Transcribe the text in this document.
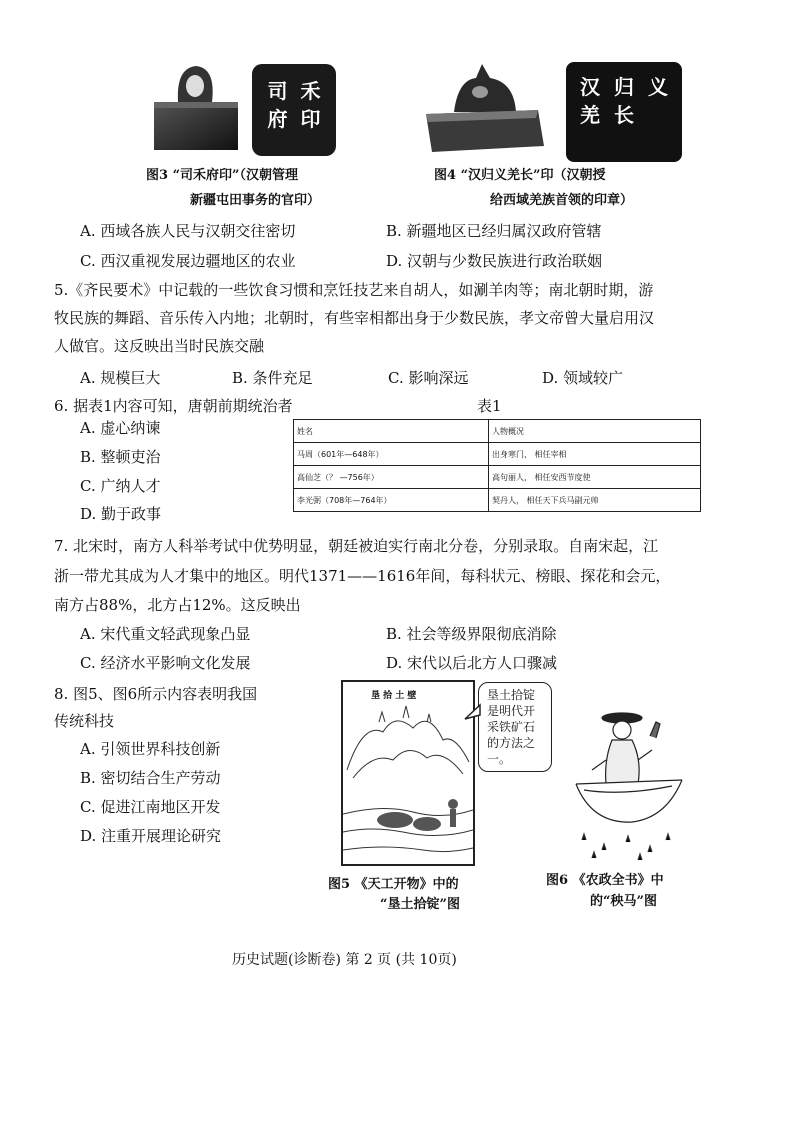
司 禾
府 印
图3 “司禾府印”（汉朝管理
新疆屯田事务的官印）
汉 归 义
羌 长
图4 “汉归义羌长”印（汉朝授
给西域羌族首领的印章）
A. 西域各族人民与汉朝交往密切	B. 新疆地区已经归属汉政府管辖
C. 西汉重视发展边疆地区的农业	D. 汉朝与少数民族进行政治联姻
5.《齐民要术》中记载的一些饮食习惯和烹饪技艺来自胡人，如涮羊肉等；南北朝时期，游
牧民族的舞蹈、音乐传入内地；北朝时，有些宰相都出身于少数民族，孝文帝曾大量启用汉
人做官。这反映出当时民族交融
A. 规模巨大	B. 条件充足	C. 影响深远	D. 领域较广
6. 据表1内容可知，唐朝前期统治者	表1
A. 虚心纳谏
B. 整顿吏治
C. 广纳人才
D. 勤于政事
姓名	人物概况
马周（601年—648年）	出身寒门， 相任宰相
高仙芝（？ —756年）	高句丽人， 相任安西节度使
李光弼（708年—764年）	契丹人， 相任天下兵马副元帅
7. 北宋时，南方人科举考试中优势明显，朝廷被迫实行南北分卷，分别录取。自南宋起，江
浙一带尤其成为人才集中的地区。明代1371——1616年间，每科状元、榜眼、探花和会元，
南方占88%，北方占12%。这反映出
A. 宋代重文轻武现象凸显	B. 社会等级界限彻底消除
C. 经济水平影响文化发展	D. 宋代以后北方人口骤减
8. 图5、图6所示内容表明我国
传统科技
A. 引领世界科技创新
B. 密切结合生产劳动
C. 促进江南地区开发
D. 注重开展理论研究
垦 拾 土 壁	垦土拾锭
是明代开
采铁矿石
的方法之
一。
图5 《天工开物》中的
“垦土拾锭”图
图6 《农政全书》中
的“秧马”图
历史试题(诊断卷) 第 2 页 (共 10页)
